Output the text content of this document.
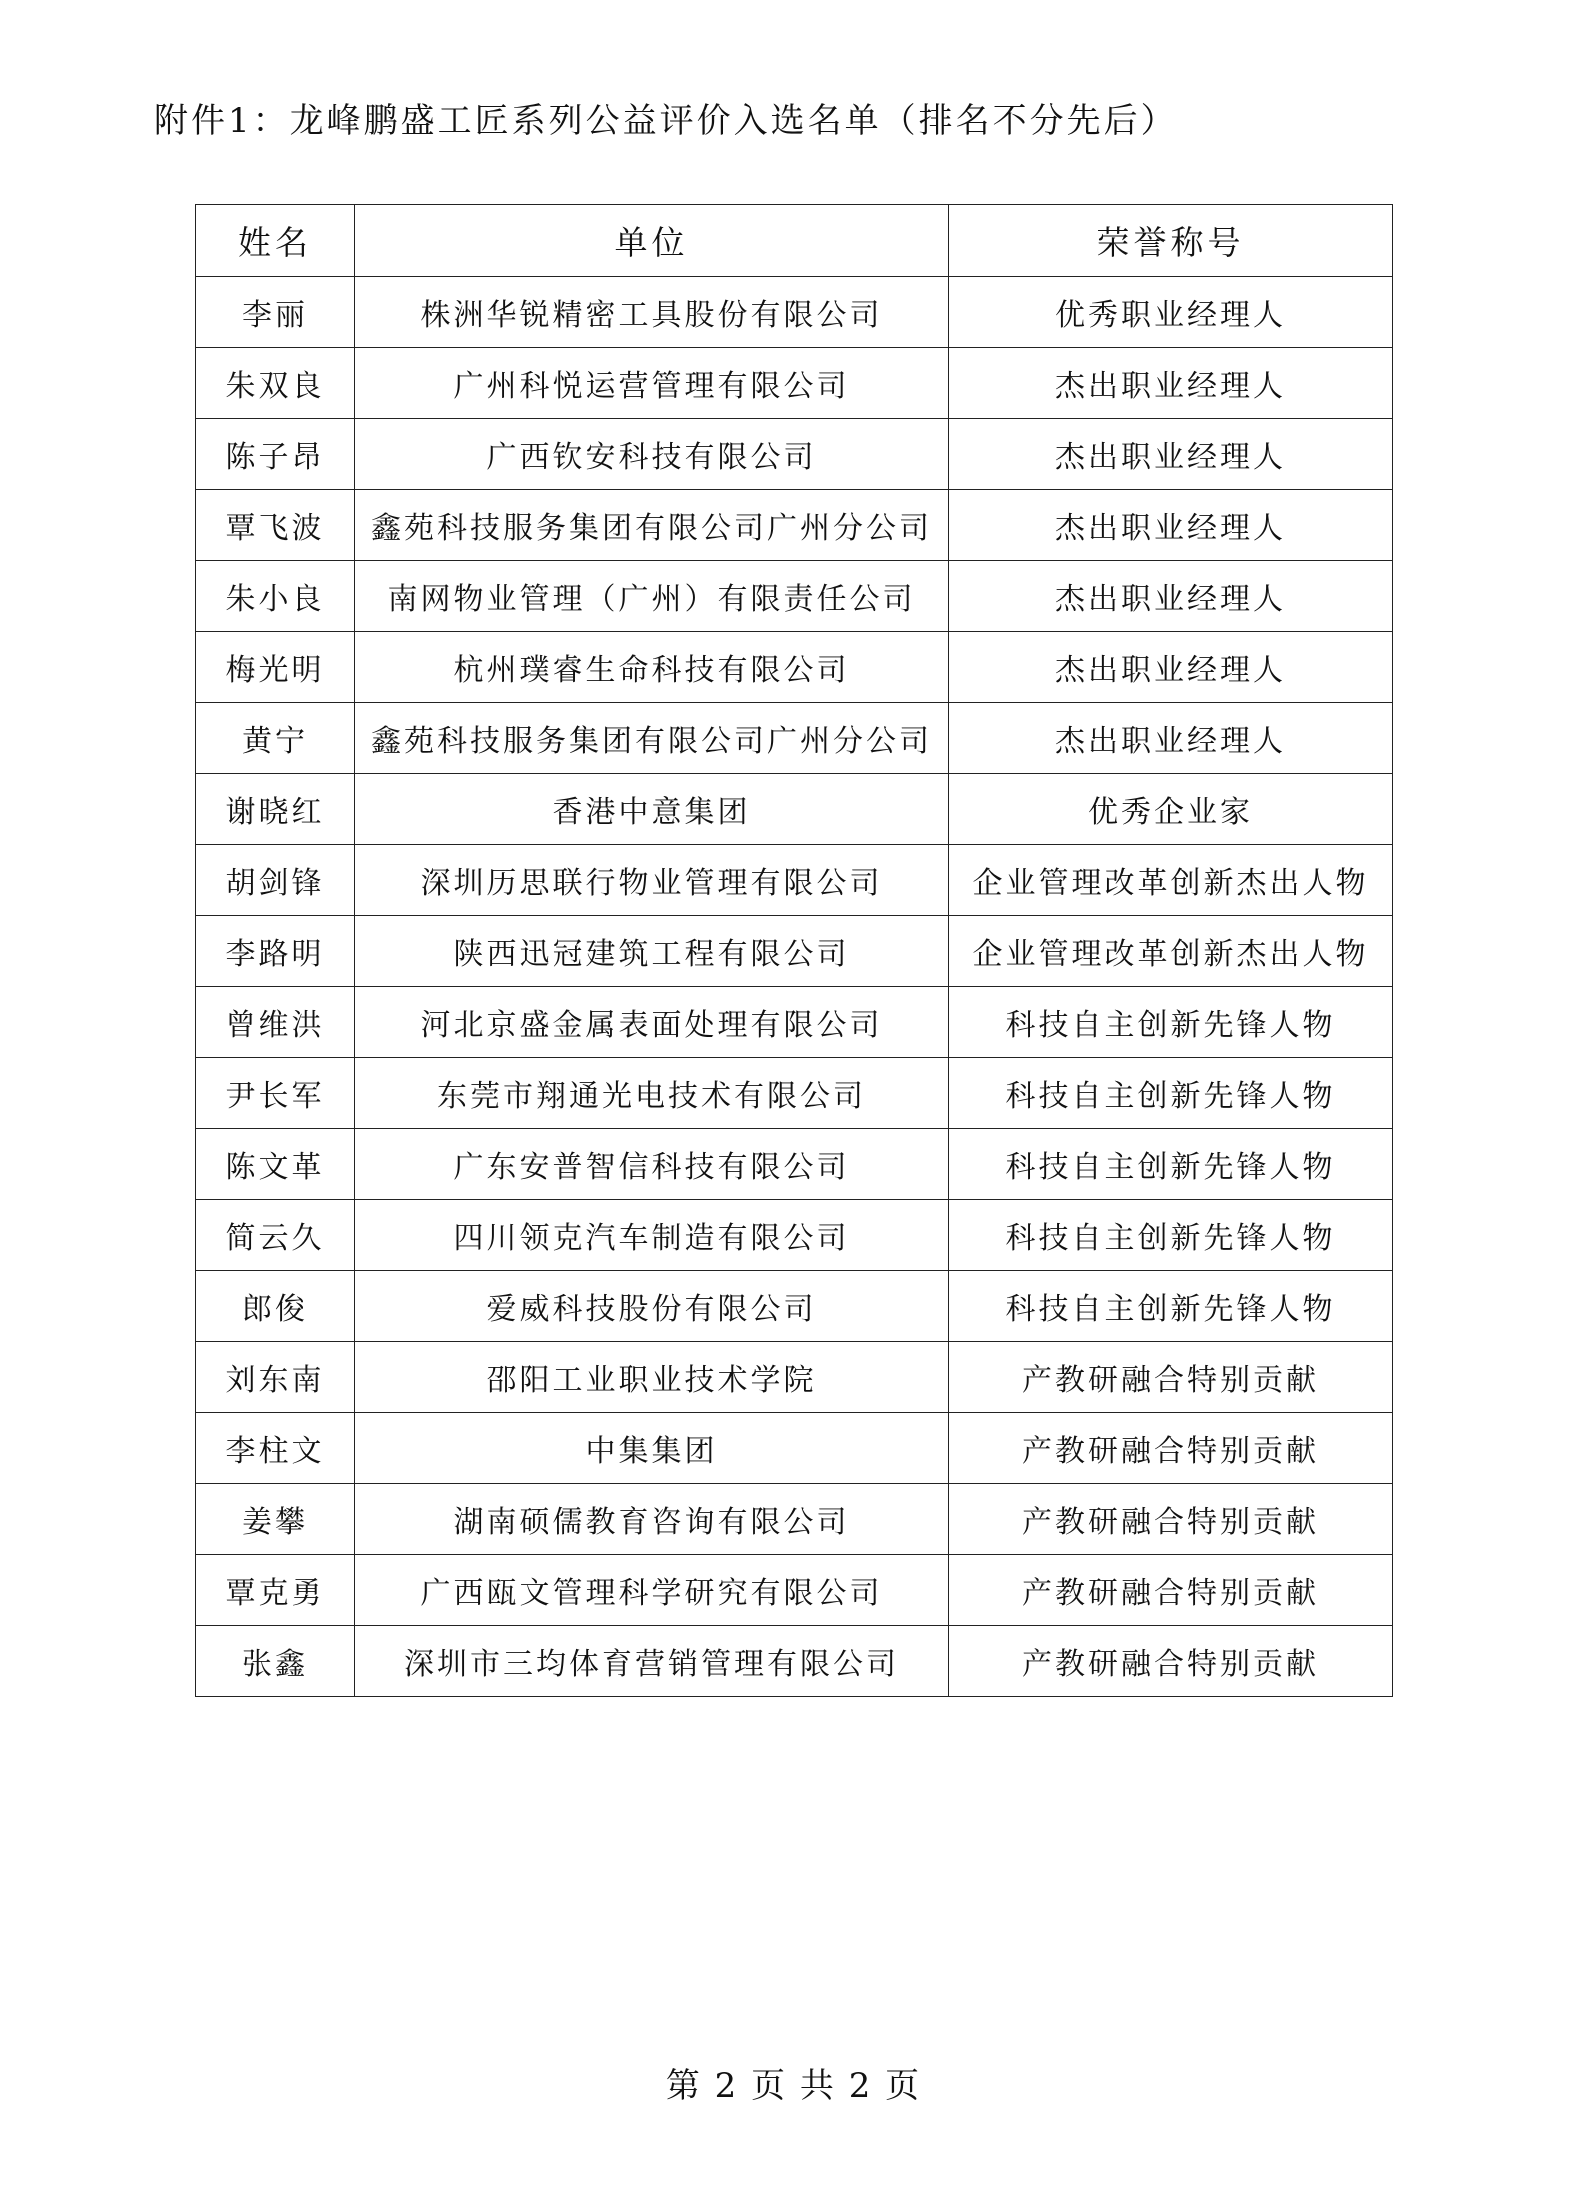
附件1：龙峰鹏盛工匠系列公益评价入选名单（排名不分先后）
姓名	单位	荣誉称号
李丽	株洲华锐精密工具股份有限公司	优秀职业经理人
朱双良	广州科悦运营管理有限公司	杰出职业经理人
陈子昂	广西钦安科技有限公司	杰出职业经理人
覃飞波	鑫苑科技服务集团有限公司广州分公司	杰出职业经理人
朱小良	南网物业管理（广州）有限责任公司	杰出职业经理人
梅光明	杭州璞睿生命科技有限公司	杰出职业经理人
黄宁	鑫苑科技服务集团有限公司广州分公司	杰出职业经理人
谢晓红	香港中意集团	优秀企业家
胡剑锋	深圳历思联行物业管理有限公司	企业管理改革创新杰出人物
李路明	陕西迅冠建筑工程有限公司	企业管理改革创新杰出人物
曾维洪	河北京盛金属表面处理有限公司	科技自主创新先锋人物
尹长军	东莞市翔通光电技术有限公司	科技自主创新先锋人物
陈文革	广东安普智信科技有限公司	科技自主创新先锋人物
简云久	四川领克汽车制造有限公司	科技自主创新先锋人物
郎俊	爱威科技股份有限公司	科技自主创新先锋人物
刘东南	邵阳工业职业技术学院	产教研融合特别贡献
李柱文	中集集团	产教研融合特别贡献
姜攀	湖南硕儒教育咨询有限公司	产教研融合特别贡献
覃克勇	广西瓯文管理科学研究有限公司	产教研融合特别贡献
张鑫	深圳市三均体育营销管理有限公司	产教研融合特别贡献
第 2 页 共 2 页
